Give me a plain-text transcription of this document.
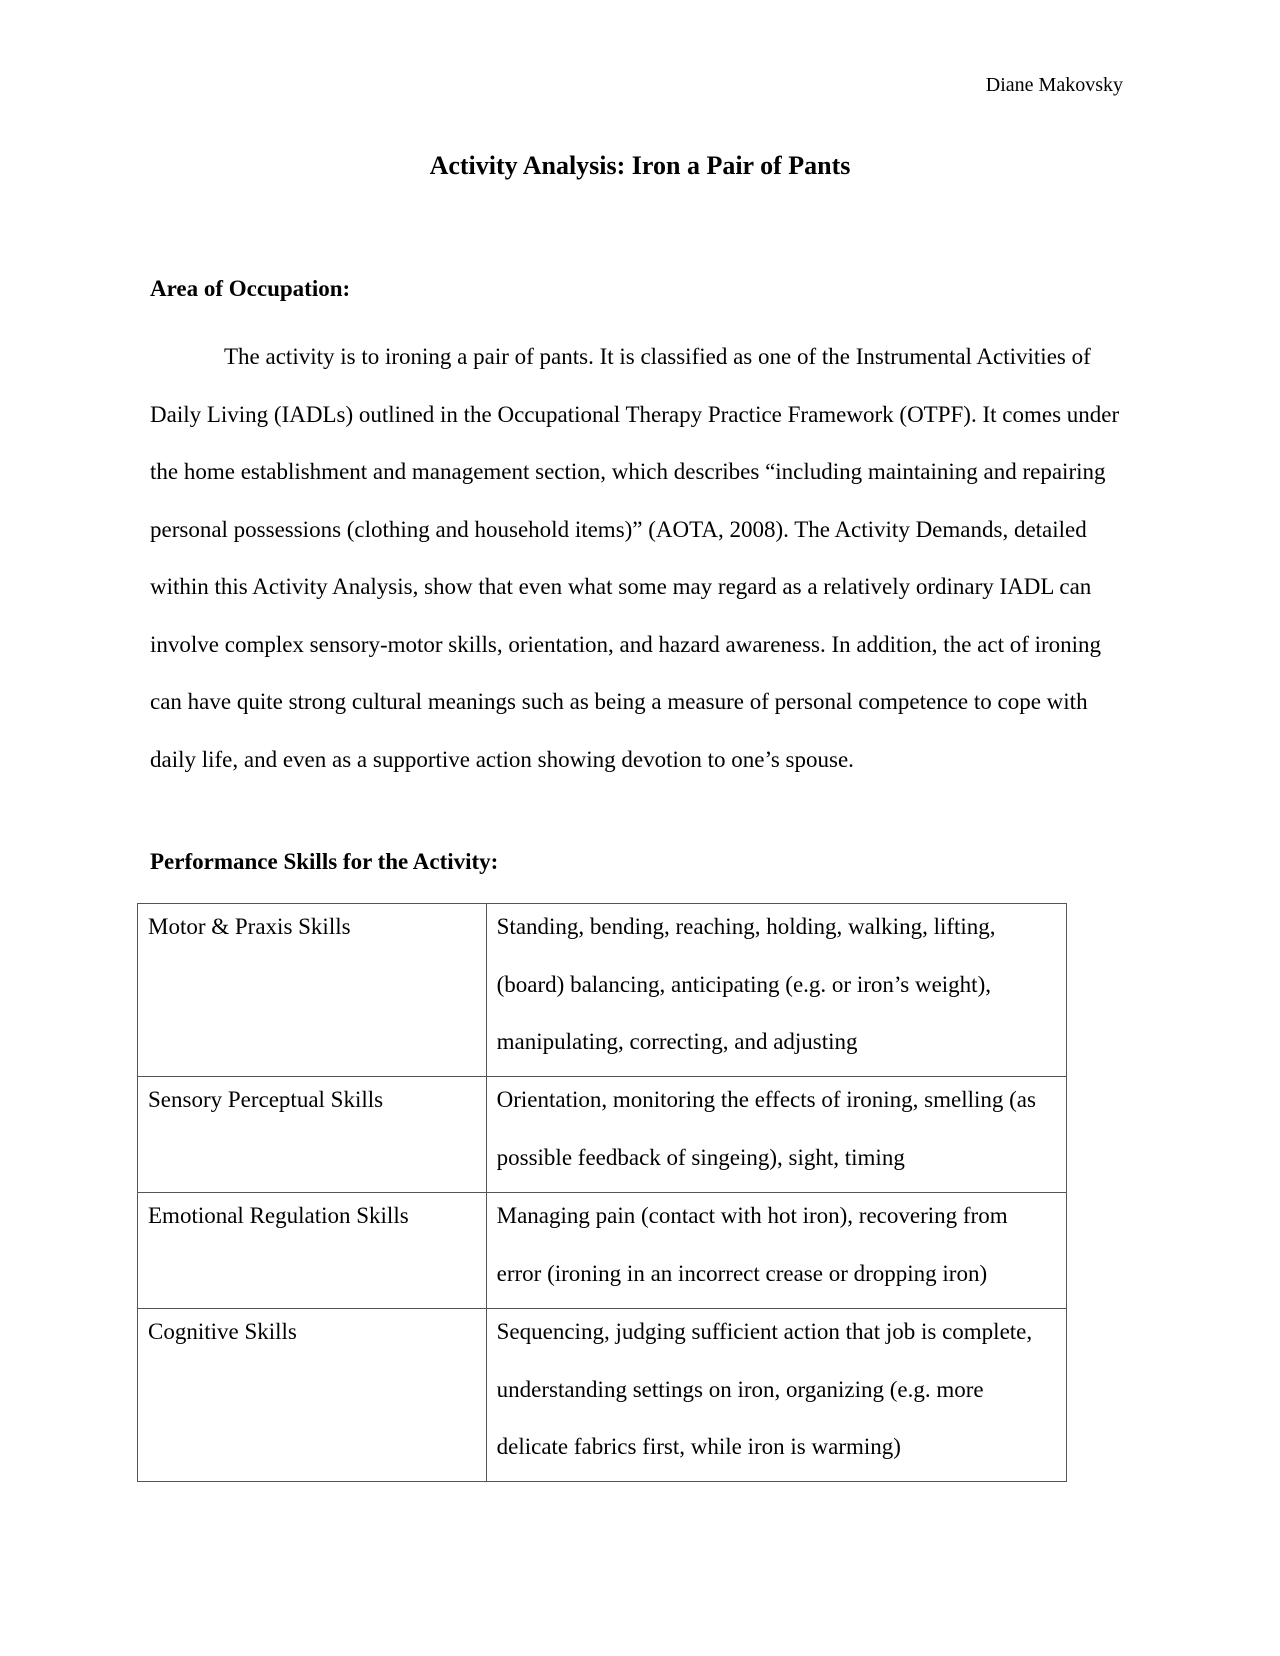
Diane Makovsky
Activity Analysis: Iron a Pair of Pants
Area of Occupation:

The activity is to ironing a pair of pants. It is classified as one of the Instrumental Activities of Daily Living (IADLs) outlined in the Occupational Therapy Practice Framework (OTPF). It comes under the home establishment and management section, which describes “including maintaining and repairing personal possessions (clothing and household items)” (AOTA, 2008). The Activity Demands, detailed within this Activity Analysis, show that even what some may regard as a relatively ordinary IADL can involve complex sensory-motor skills, orientation, and hazard awareness. In addition, the act of ironing can have quite strong cultural meanings such as being a measure of personal competence to cope with daily life, and even as a supportive action showing devotion to one’s spouse.

Performance Skills for the Activity:
Motor & Praxis Skills	Standing, bending, reaching, holding, walking, lifting, (board) balancing, anticipating (e.g. or iron’s weight), manipulating, correcting, and adjusting

Sensory Perceptual Skills	Orientation, monitoring the effects of ironing, smelling (as possible feedback of singeing), sight, timing

Emotional Regulation Skills	Managing pain (contact with hot iron), recovering from error (ironing in an incorrect crease or dropping iron)

Cognitive Skills	Sequencing, judging sufficient action that job is complete, understanding settings on iron, organizing (e.g. more delicate fabrics first, while iron is warming)
